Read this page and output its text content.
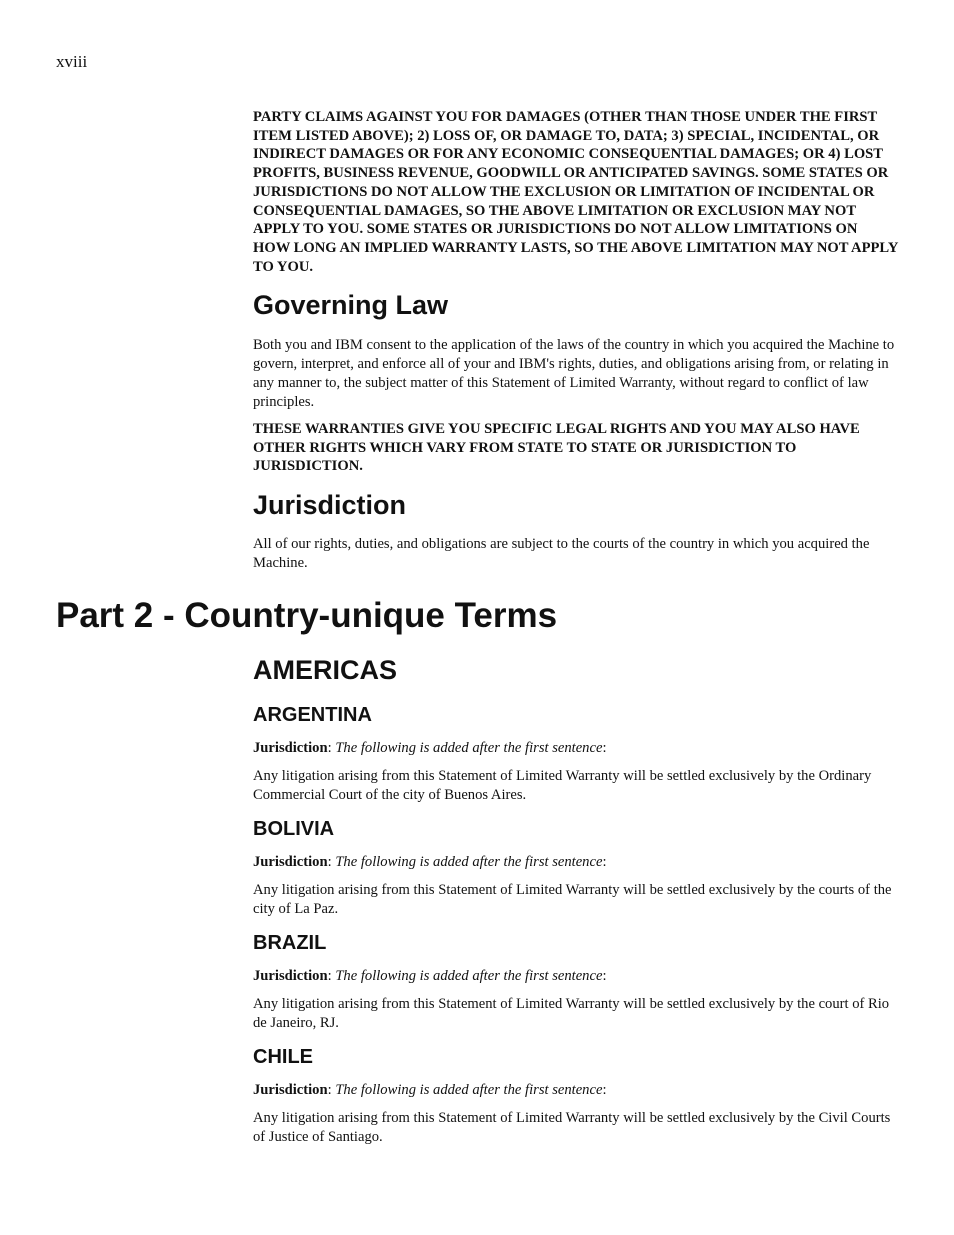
xviii

PARTY CLAIMS AGAINST YOU FOR DAMAGES (OTHER THAN THOSE UNDER THE FIRST ITEM LISTED ABOVE); 2) LOSS OF, OR DAMAGE TO, DATA; 3) SPECIAL, INCIDENTAL, OR INDIRECT DAMAGES OR FOR ANY ECONOMIC CONSEQUENTIAL DAMAGES; OR 4) LOST PROFITS, BUSINESS REVENUE, GOODWILL OR ANTICIPATED SAVINGS. SOME STATES OR JURISDICTIONS DO NOT ALLOW THE EXCLUSION OR LIMITATION OF INCIDENTAL OR CONSEQUENTIAL DAMAGES, SO THE ABOVE LIMITATION OR EXCLUSION MAY NOT APPLY TO YOU. SOME STATES OR JURISDICTIONS DO NOT ALLOW LIMITATIONS ON HOW LONG AN IMPLIED WARRANTY LASTS, SO THE ABOVE LIMITATION MAY NOT APPLY TO YOU.

Governing Law

Both you and IBM consent to the application of the laws of the country in which you acquired the Machine to govern, interpret, and enforce all of your and IBM's rights, duties, and obligations arising from, or relating in any manner to, the subject matter of this Statement of Limited Warranty, without regard to conflict of law principles.

THESE WARRANTIES GIVE YOU SPECIFIC LEGAL RIGHTS AND YOU MAY ALSO HAVE OTHER RIGHTS WHICH VARY FROM STATE TO STATE OR JURISDICTION TO JURISDICTION.

Jurisdiction

All of our rights, duties, and obligations are subject to the courts of the country in which you acquired the Machine.

Part 2 - Country-unique Terms
AMERICAS
ARGENTINA

Jurisdiction: The following is added after the first sentence:

Any litigation arising from this Statement of Limited Warranty will be settled exclusively by the Ordinary Commercial Court of the city of Buenos Aires.

BOLIVIA

Jurisdiction: The following is added after the first sentence:

Any litigation arising from this Statement of Limited Warranty will be settled exclusively by the courts of the city of La Paz.

BRAZIL

Jurisdiction: The following is added after the first sentence:

Any litigation arising from this Statement of Limited Warranty will be settled exclusively by the court of Rio de Janeiro, RJ.

CHILE

Jurisdiction: The following is added after the first sentence:

Any litigation arising from this Statement of Limited Warranty will be settled exclusively by the Civil Courts of Justice of Santiago.
